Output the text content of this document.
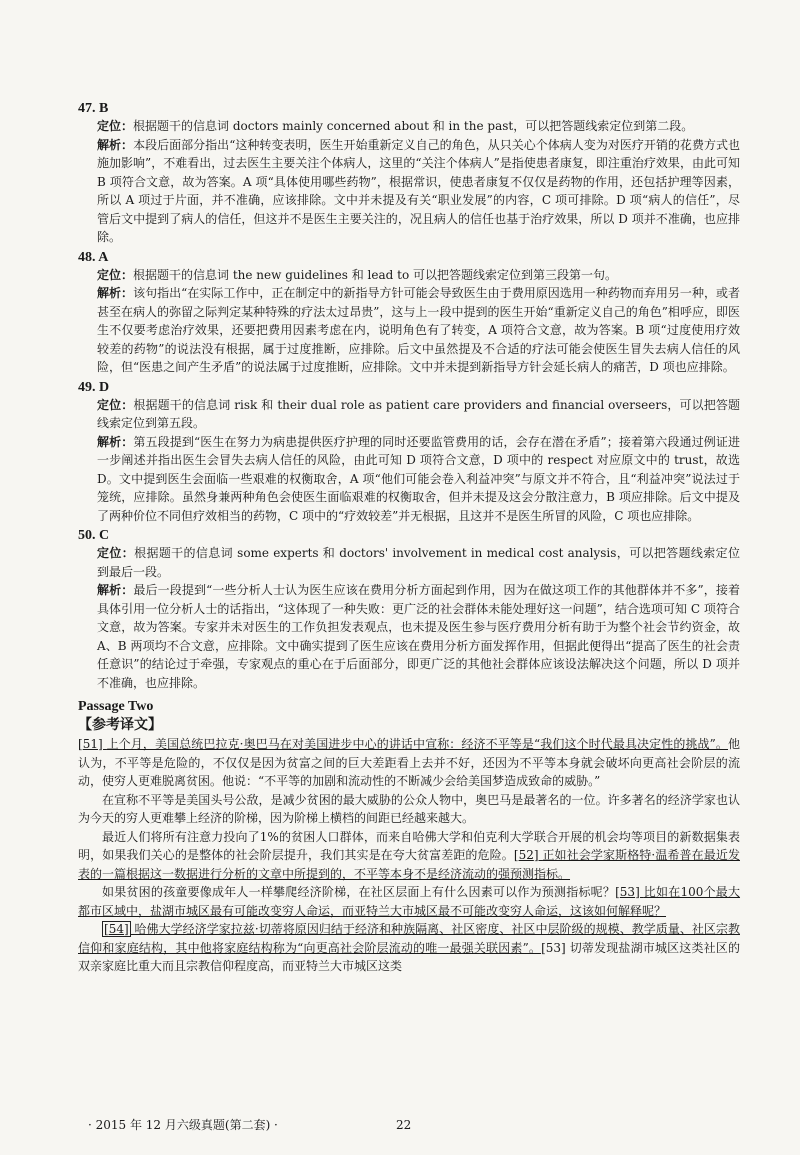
47. B

定位：根据题干的信息词 doctors mainly concerned about 和 in the past，可以把答题线索定位到第二段。

解析：本段后面部分指出“这种转变表明，医生开始重新定义自己的角色，从只关心个体病人变为对医疗开销的花费方式也施加影响”，不难看出，过去医生主要关注个体病人，这里的“关注个体病人”是指使患者康复，即注重治疗效果，由此可知 B 项符合文意，故为答案。A 项“具体使用哪些药物”，根据常识，使患者康复不仅仅是药物的作用，还包括护理等因素，所以 A 项过于片面，并不准确，应该排除。文中并未提及有关“职业发展”的内容，C 项可排除。D 项“病人的信任”，尽管后文中提到了病人的信任，但这并不是医生主要关注的，况且病人的信任也基于治疗效果，所以 D 项并不准确，也应排除。

48. A

定位：根据题干的信息词 the new guidelines 和 lead to 可以把答题线索定位到第三段第一句。

解析：该句指出“在实际工作中，正在制定中的新指导方针可能会导致医生由于费用原因选用一种药物而弃用另一种，或者甚至在病人的弥留之际判定某种特殊的疗法太过昂贵”，这与上一段中提到的医生开始“重新定义自己的角色”相呼应，即医生不仅要考虑治疗效果，还要把费用因素考虑在内，说明角色有了转变，A 项符合文意，故为答案。B 项“过度使用疗效较差的药物”的说法没有根据，属于过度推断，应排除。后文中虽然提及不合适的疗法可能会使医生冒失去病人信任的风险，但“医患之间产生矛盾”的说法属于过度推断，应排除。文中并未提到新指导方针会延长病人的痛苦，D 项也应排除。

49. D

定位：根据题干的信息词 risk 和 their dual role as patient care providers and financial overseers，可以把答题线索定位到第五段。

解析：第五段提到“医生在努力为病患提供医疗护理的同时还要监管费用的话，会存在潜在矛盾”；接着第六段通过例证进一步阐述并指出医生会冒失去病人信任的风险，由此可知 D 项符合文意，D 项中的 respect 对应原文中的 trust，故选 D。文中提到医生会面临一些艰难的权衡取舍，A 项“他们可能会卷入利益冲突”与原文并不符合，且“利益冲突”说法过于笼统，应排除。虽然身兼两种角色会使医生面临艰难的权衡取舍，但并未提及这会分散注意力，B 项应排除。后文中提及了两种价位不同但疗效相当的药物，C 项中的“疗效较差”并无根据，且这并不是医生所冒的风险，C 项也应排除。

50. C

定位：根据题干的信息词 some experts 和 doctors' involvement in medical cost analysis，可以把答题线索定位到最后一段。

解析：最后一段提到“一些分析人士认为医生应该在费用分析方面起到作用，因为在做这项工作的其他群体并不多”，接着具体引用一位分析人士的话指出，“这体现了一种失败：更广泛的社会群体未能处理好这一问题”，结合选项可知 C 项符合文意，故为答案。专家并未对医生的工作负担发表观点，也未提及医生参与医疗费用分析有助于为整个社会节约资金，故 A、B 两项均不合文意，应排除。文中确实提到了医生应该在费用分析方面发挥作用，但据此便得出“提高了医生的社会责任意识”的结论过于牵强，专家观点的重心在于后面部分，即更广泛的其他社会群体应该设法解决这个问题，所以 D 项并不准确，也应排除。

Passage Two
【参考译文】

[51] 上个月，美国总统巴拉克·奥巴马在对美国进步中心的讲话中宣称：经济不平等是“我们这个时代最具决定性的挑战”。他认为，不平等是危险的，不仅仅是因为贫富之间的巨大差距看上去并不好，还因为不平等本身就会破坏向更高社会阶层的流动，使穷人更难脱离贫困。他说：“不平等的加剧和流动性的不断减少会给美国梦造成致命的威胁。”

在宣称不平等是美国头号公敌，是减少贫困的最大威胁的公众人物中，奥巴马是最著名的一位。许多著名的经济学家也认为今天的穷人更难攀上经济的阶梯，因为阶梯上横档的间距已经越来越大。

最近人们将所有注意力投向了1%的贫困人口群体，而来自哈佛大学和伯克利大学联合开展的机会均等项目的新数据集表明，如果我们关心的是整体的社会阶层提升，我们其实是在夸大贫富差距的危险。[52] 正如社会学家斯格特·温希普在最近发表的一篇根据这一数据进行分析的文章中所提到的，不平等本身不是经济流动的强预测指标。

如果贫困的孩童要像成年人一样攀爬经济阶梯，在社区层面上有什么因素可以作为预测指标呢？[53] 比如在100个最大都市区域中，盐湖市城区最有可能改变穷人命运，而亚特兰大市城区最不可能改变穷人命运，这该如何解释呢？

[54] 哈佛大学经济学家拉兹·切蒂将原因归结于经济和种族隔离、社区密度、社区中层阶级的规模、教学质量、社区宗教信仰和家庭结构，其中他将家庭结构称为“向更高社会阶层流动的唯一最强关联因素”。[53] 切蒂发现盐湖市城区这类社区的双亲家庭比重大而且宗教信仰程度高，而亚特兰大市城区这类

· 2015 年 12 月六级真题(第二套) ·	22
